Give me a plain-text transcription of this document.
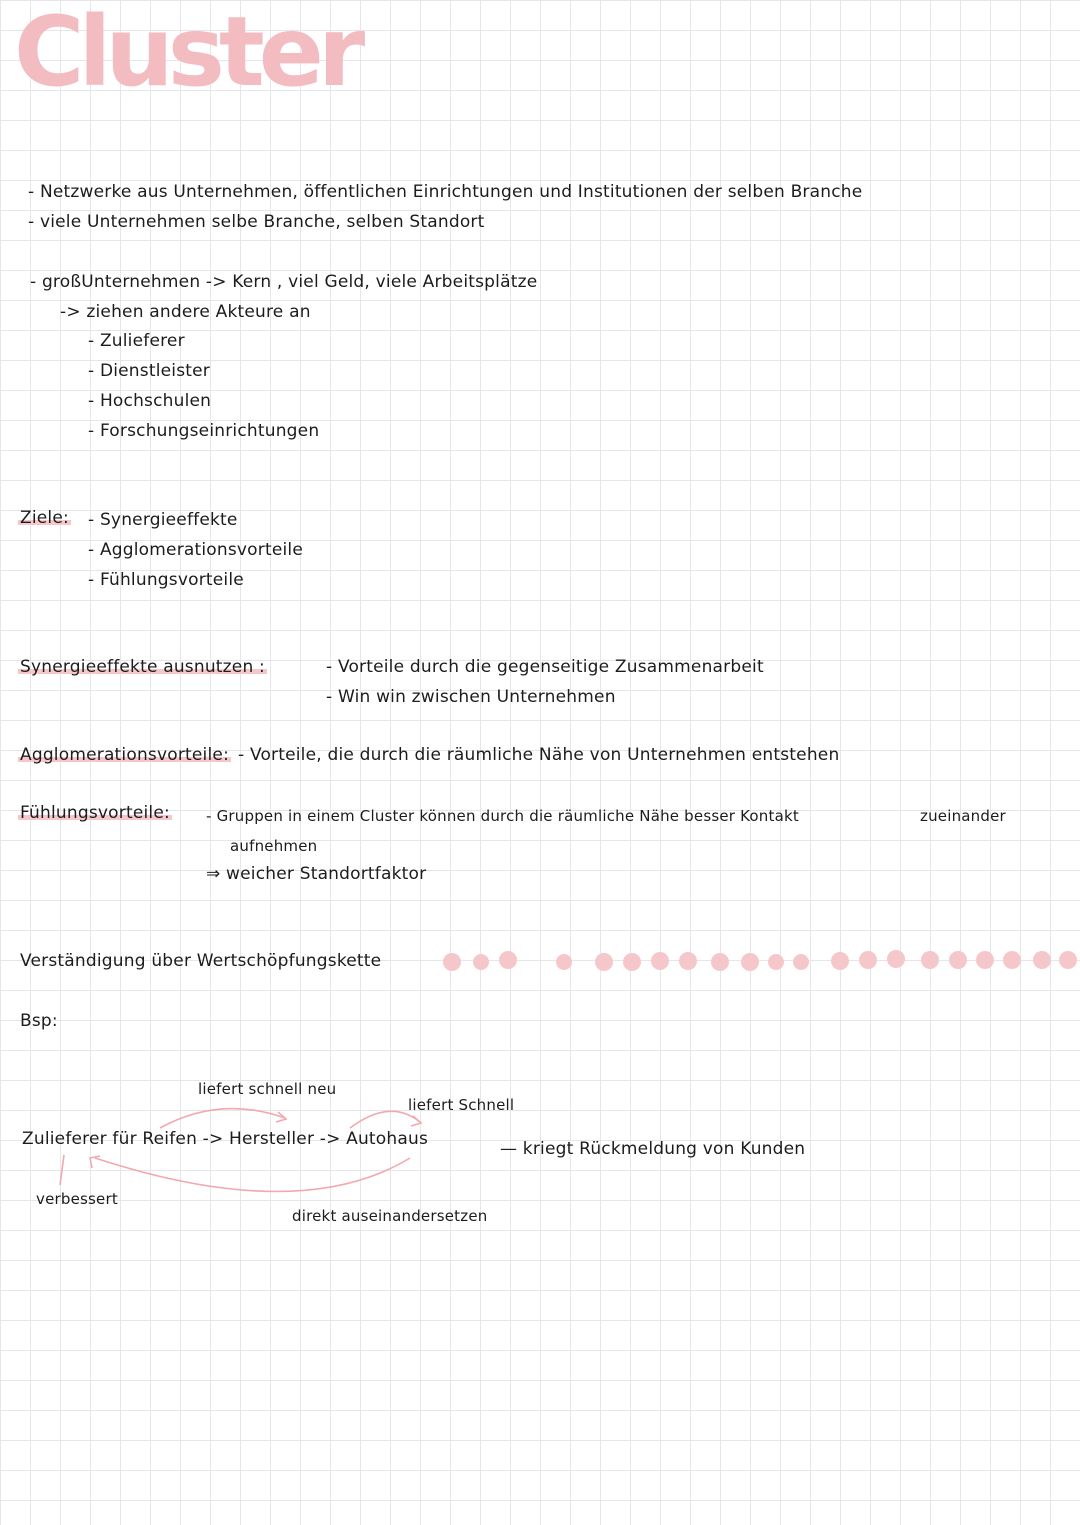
Cluster
- Netzwerke aus Unternehmen, öffentlichen Einrichtungen und Institutionen der selben Branche
- viele Unternehmen selbe Branche, selben Standort
- großUnternehmen -> Kern , viel Geld, viele Arbeitsplätze
-> ziehen andere Akteure an
- Zulieferer
- Dienstleister
- Hochschulen
- Forschungseinrichtungen
Ziele: - Synergieeffekte
- Agglomerationsvorteile
- Fühlungsvorteile
Synergieeffekte ausnutzen :	- Vorteile durch die gegenseitige Zusammenarbeit
- Win win zwischen Unternehmen
Agglomerationsvorteile: - Vorteile, die durch die räumliche Nähe von Unternehmen entstehen
Fühlungsvorteile: - Gruppen in einem Cluster können durch die räumliche Nähe besser Kontakt	zueinander
aufnehmen
⇒ weicher Standortfaktor
Verständigung über Wertschöpfungskette
Bsp:
liefert schnell neu
liefert Schnell
Zulieferer für Reifen -> Hersteller -> Autohaus	— kriegt Rückmeldung von Kunden
verbessert
direkt auseinandersetzen
